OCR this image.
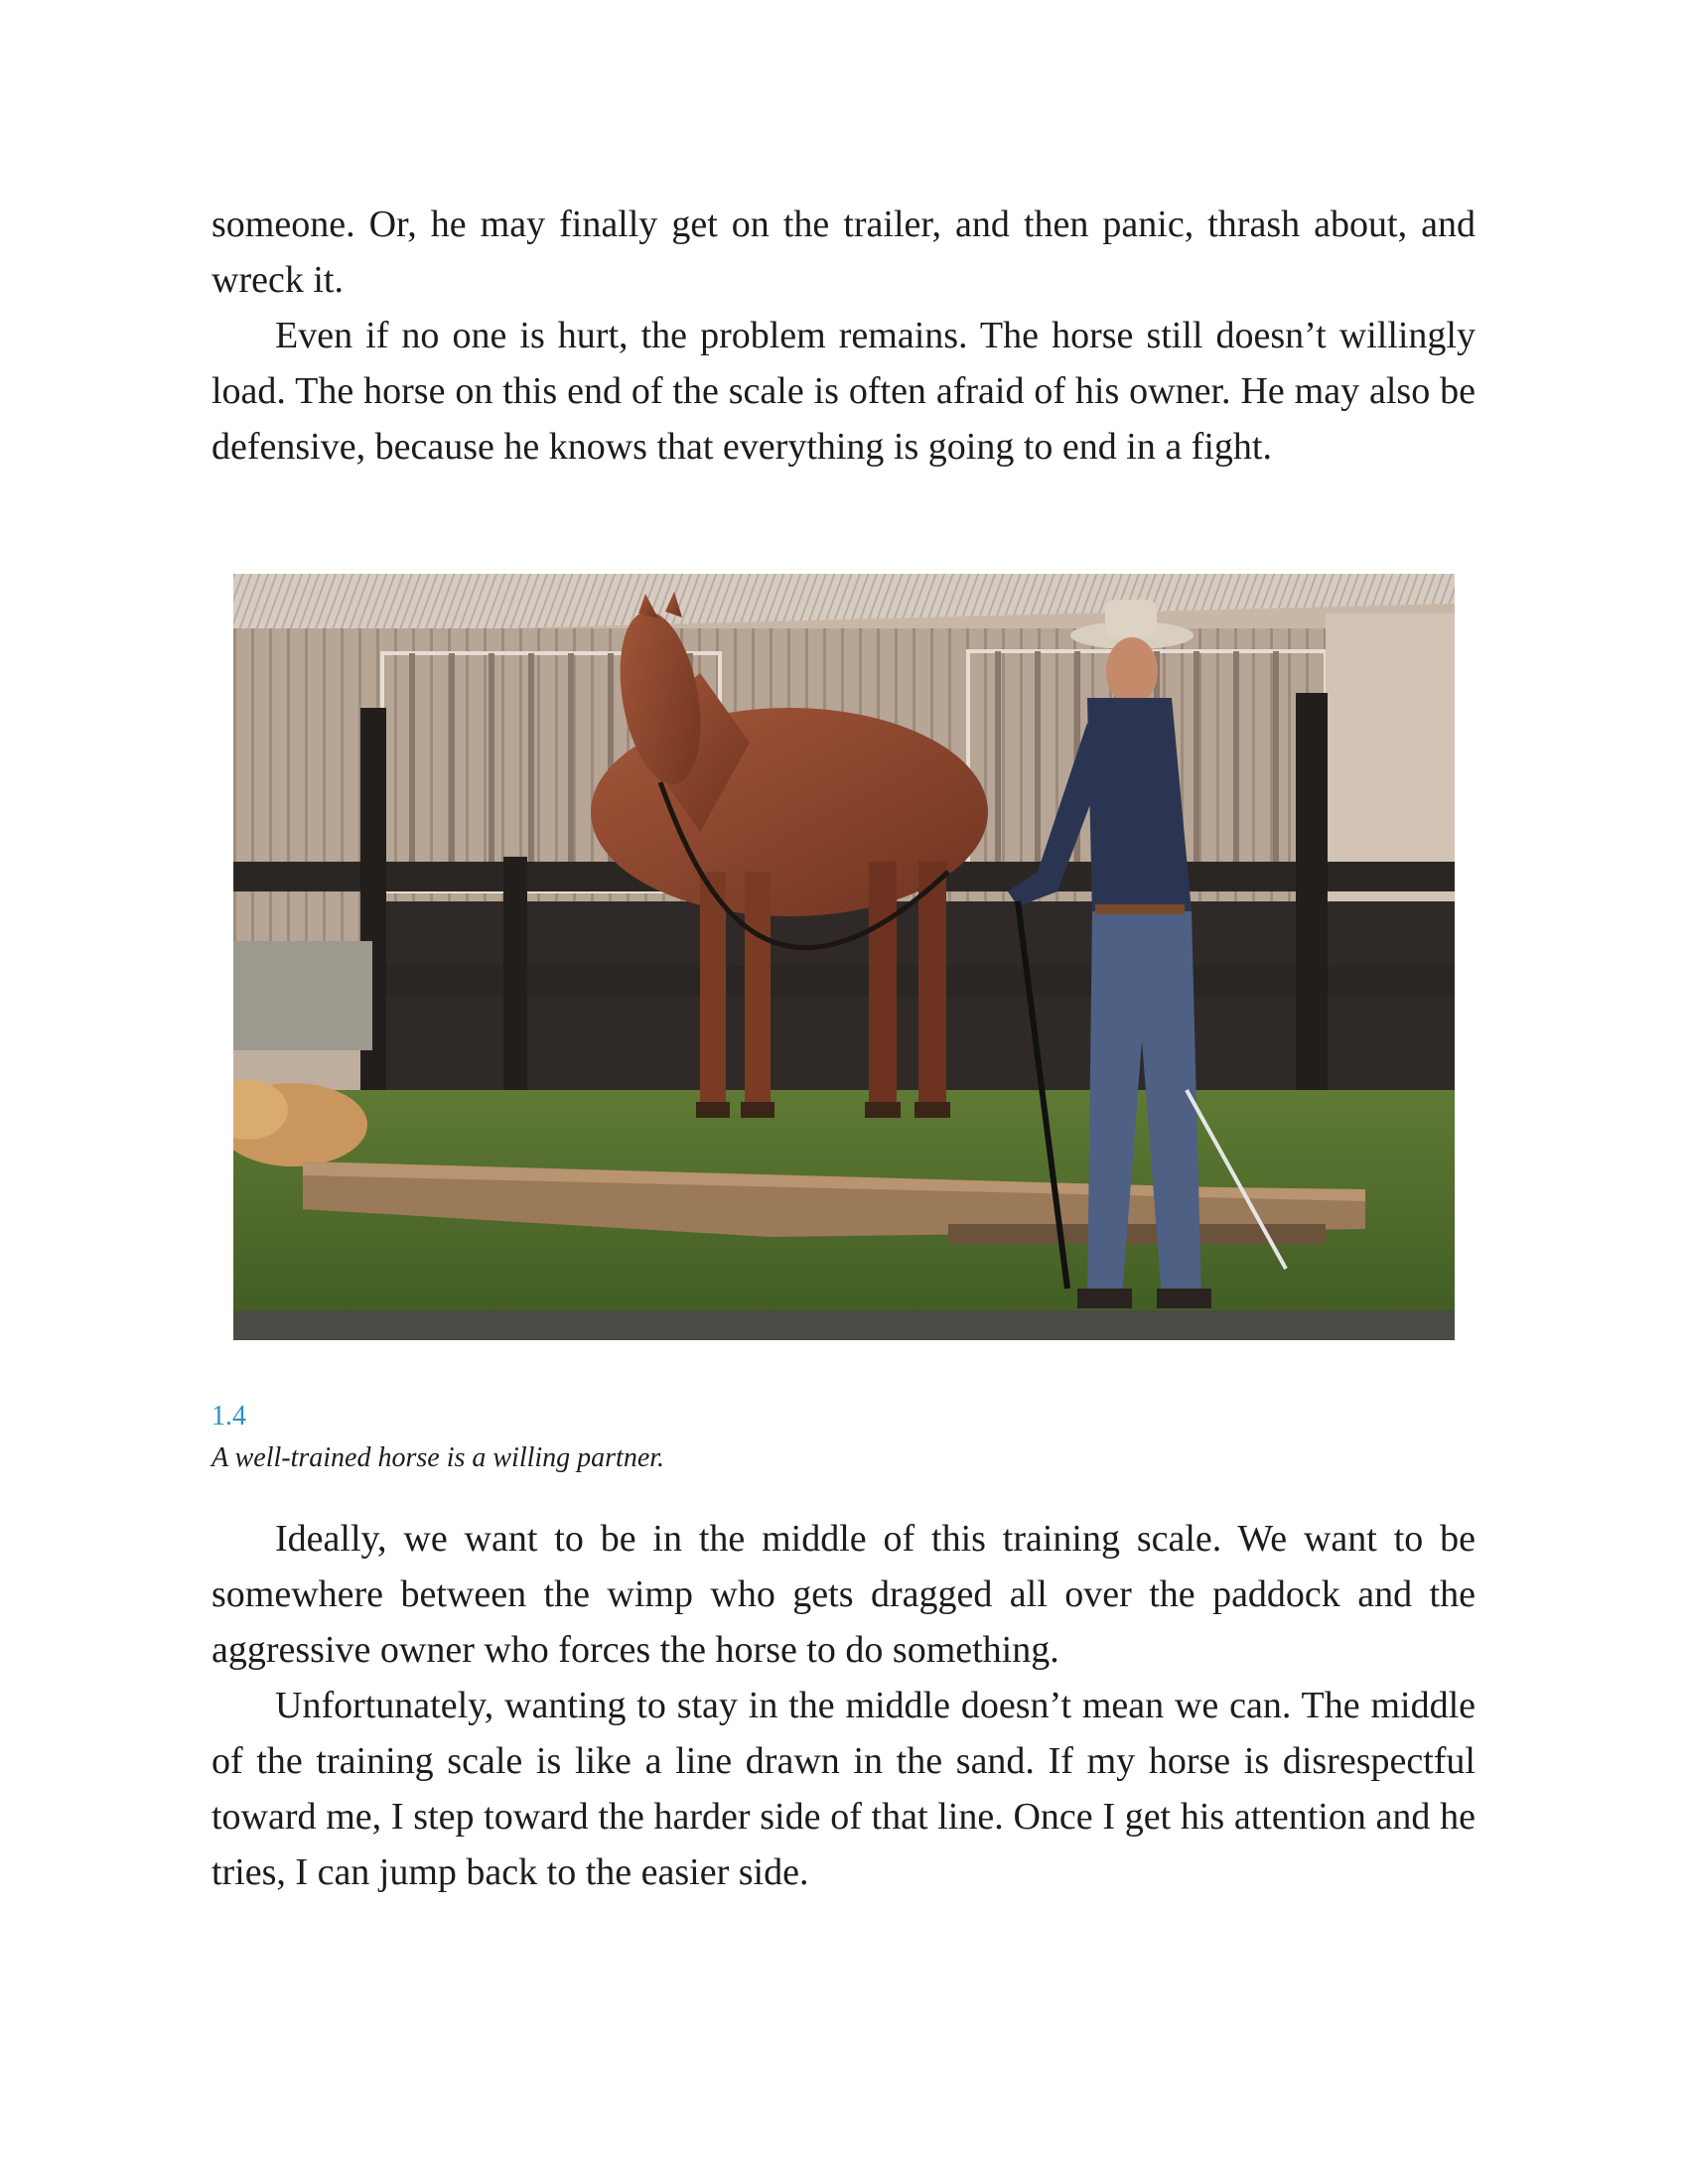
someone. Or, he may finally get on the trailer, and then panic, thrash about, and wreck it.

Even if no one is hurt, the problem remains. The horse still doesn’t willingly load. The horse on this end of the scale is often afraid of his owner. He may also be defensive, because he knows that everything is going to end in a fight.

1.4
A well-trained horse is a willing partner.

Ideally, we want to be in the middle of this training scale. We want to be somewhere between the wimp who gets dragged all over the paddock and the aggressive owner who forces the horse to do something.

Unfortunately, wanting to stay in the middle doesn’t mean we can. The middle of the training scale is like a line drawn in the sand. If my horse is disrespectful toward me, I step toward the harder side of that line. Once I get his attention and he tries, I can jump back to the easier side.
